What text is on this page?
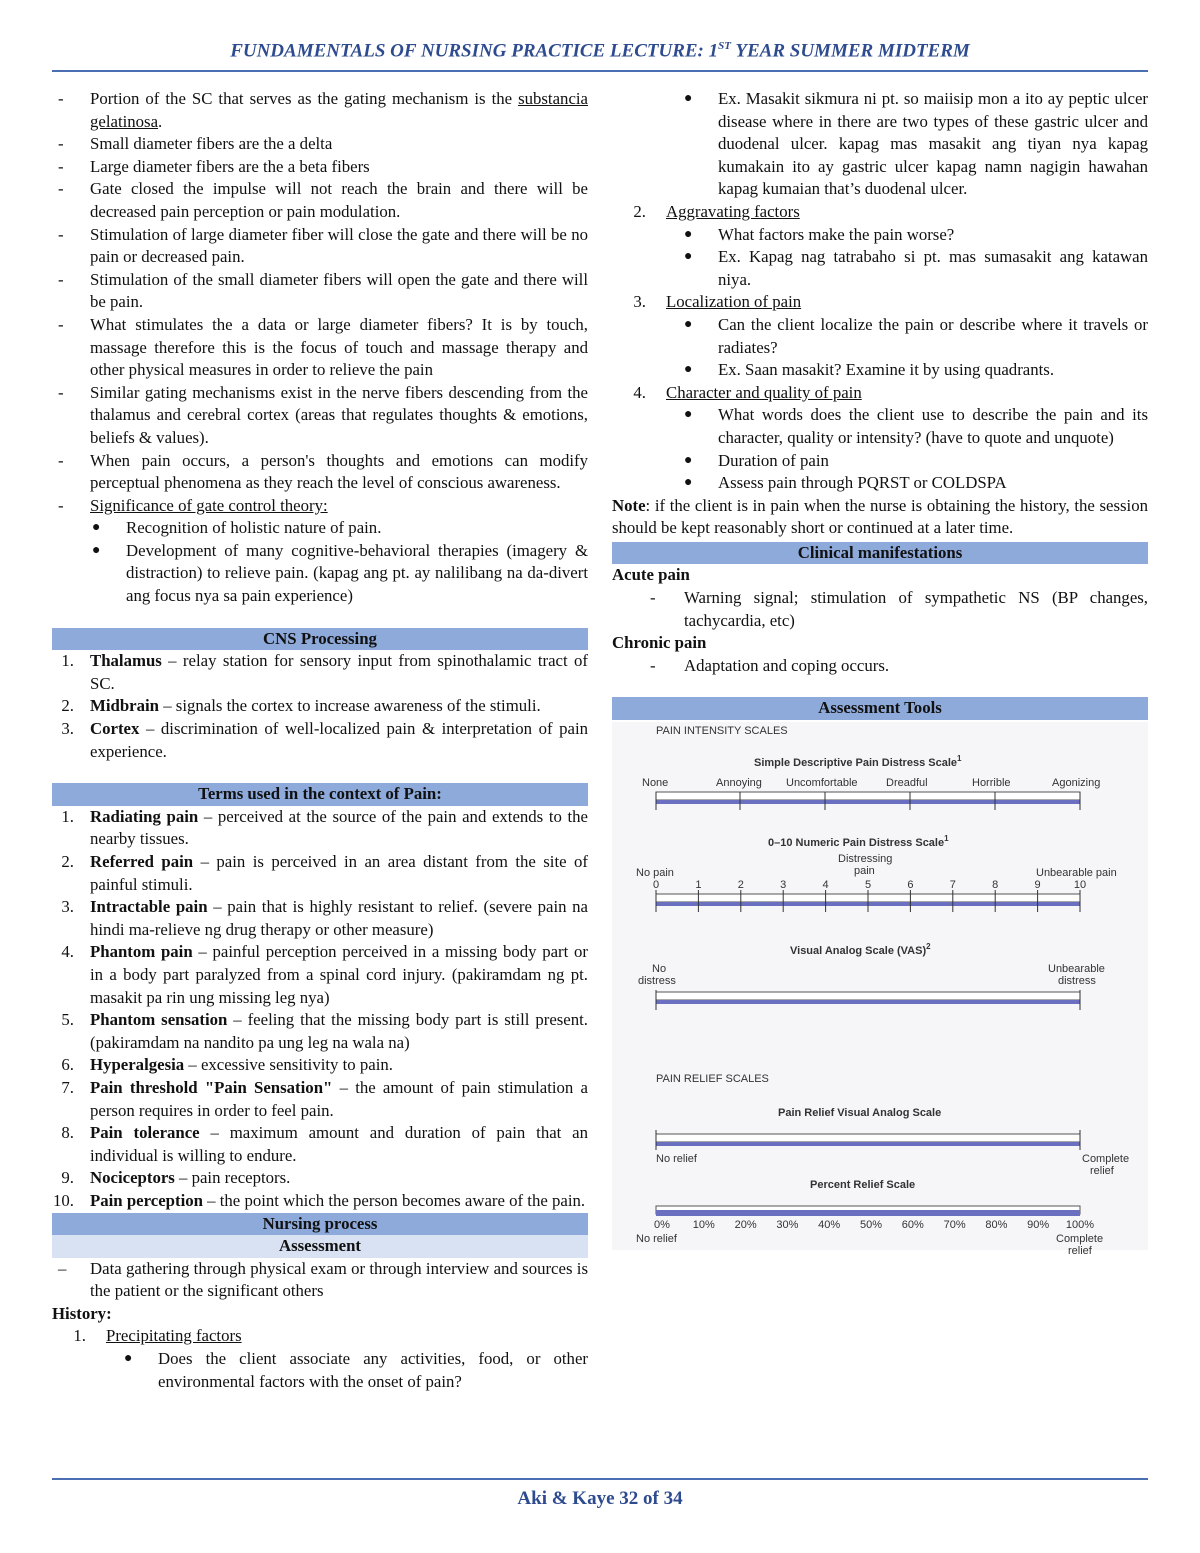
FUNDAMENTALS OF NURSING PRACTICE LECTURE: 1ST YEAR SUMMER MIDTERM
- Portion of the SC that serves as the gating mechanism is the substancia gelatinosa.
- Small diameter fibers are the a delta
- Large diameter fibers are the a beta fibers
- Gate closed the impulse will not reach the brain and there will be decreased pain perception or pain modulation.
- Stimulation of large diameter fiber will close the gate and there will be no pain or decreased pain.
- Stimulation of the small diameter fibers will open the gate and there will be pain.
- What stimulates the a data or large diameter fibers? It is by touch, massage therefore this is the focus of touch and massage therapy and other physical measures in order to relieve the pain
- Similar gating mechanisms exist in the nerve fibers descending from the thalamus and cerebral cortex (areas that regulates thoughts & emotions, beliefs & values).
- When pain occurs, a person's thoughts and emotions can modify perceptual phenomena as they reach the level of conscious awareness.
- Significance of gate control theory:
● Recognition of holistic nature of pain.
● Development of many cognitive-behavioral therapies (imagery & distraction) to relieve pain. (kapag ang pt. ay nalilibang na da-divert ang focus nya sa pain experience)
CNS Processing
1. Thalamus – relay station for sensory input from spinothalamic tract of SC.
2. Midbrain – signals the cortex to increase awareness of the stimuli.
3. Cortex – discrimination of well-localized pain & interpretation of pain experience.
Terms used in the context of Pain:
1. Radiating pain – perceived at the source of the pain and extends to the nearby tissues.
2. Referred pain – pain is perceived in an area distant from the site of painful stimuli.
3. Intractable pain – pain that is highly resistant to relief. (severe pain na hindi ma-relieve ng drug therapy or other measure)
4. Phantom pain – painful perception perceived in a missing body part or in a body part paralyzed from a spinal cord injury. (pakiramdam ng pt. masakit pa rin ung missing leg nya)
5. Phantom sensation – feeling that the missing body part is still present. (pakiramdam na nandito pa ung leg na wala na)
6. Hyperalgesia – excessive sensitivity to pain.
7. Pain threshold "Pain Sensation" – the amount of pain stimulation a person requires in order to feel pain.
8. Pain tolerance – maximum amount and duration of pain that an individual is willing to endure.
9. Nociceptors – pain receptors.
10. Pain perception – the point which the person becomes aware of the pain.
Nursing process
Assessment
– Data gathering through physical exam or through interview and sources is the patient or the significant others
History:
1. Precipitating factors
● Does the client associate any activities, food, or other environmental factors with the onset of pain?
● Ex. Masakit sikmura ni pt. so maiisip mon a ito ay peptic ulcer disease where in there are two types of these gastric ulcer and duodenal ulcer. kapag mas masakit ang tiyan nya kapag kumakain ito ay gastric ulcer kapag namn nagigin hawahan kapag kumaian that’s duodenal ulcer.
2. Aggravating factors
● What factors make the pain worse?
● Ex. Kapag nag tatrabaho si pt. mas sumasakit ang katawan niya.
3. Localization of pain
● Can the client localize the pain or describe where it travels or radiates?
● Ex. Saan masakit? Examine it by using quadrants.
4. Character and quality of pain
● What words does the client use to describe the pain and its character, quality or intensity? (have to quote and unquote)
● Duration of pain
● Assess pain through PQRST or COLDSPA
Note: if the client is in pain when the nurse is obtaining the history, the session should be kept reasonably short or continued at a later time.
Clinical manifestations
Acute pain
- Warning signal; stimulation of sympathetic NS (BP changes, tachycardia, etc)
Chronic pain
- Adaptation and coping occurs.
Assessment Tools
PAIN INTENSITY SCALES
Simple Descriptive Pain Distress Scale$^1$
None	Annoying Uncomfortable	Dreadful	Horrible	Agonizing
0–10 Numeric Pain Distress Scale$^1$
Distressing
pain
No pain	Unbearable pain
0	1	2	3	4	5	6	7	8	9	10
Visual Analog Scale (VAS)$^2$
No
distress
Unbearable
distress
PAIN RELIEF SCALES
Pain Relief Visual Analog Scale
No relief	Complete
relief
Percent Relief Scale
0% 10% 20% 30% 40% 50% 60% 70% 80% 90% 100%
No relief	Complete
relief
Aki & Kaye 32 of 34
